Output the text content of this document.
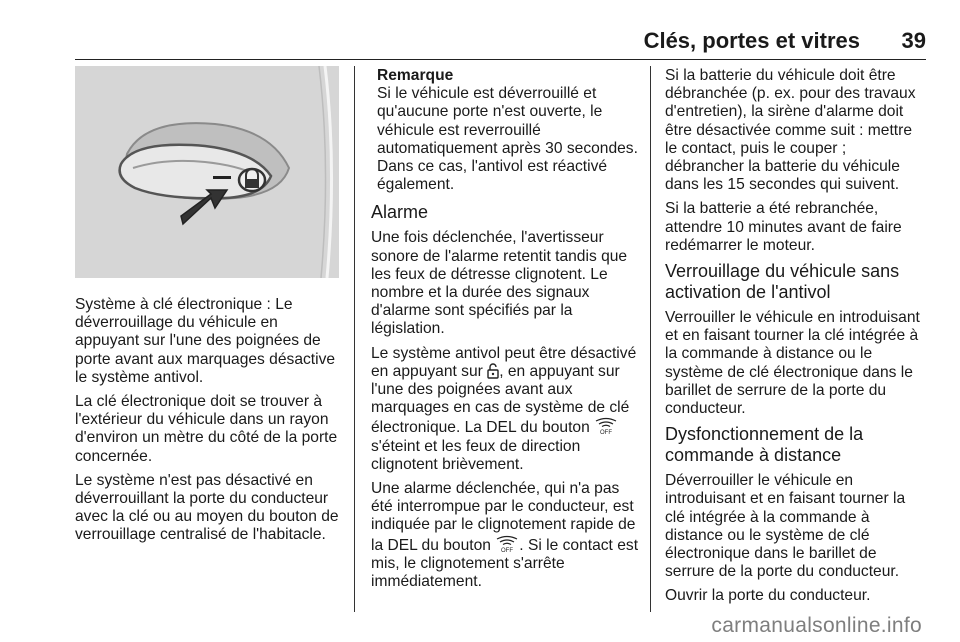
Clés, portes et vitres	39

Système à clé électronique : Le déverrouillage du véhicule en appuyant sur l'une des poignées de porte avant aux marquages désactive le système antivol.

La clé électronique doit se trouver à l'extérieur du véhicule dans un rayon d'environ un mètre du côté de la porte concernée.

Le système n'est pas désactivé en déverrouillant la porte du conducteur avec la clé ou au moyen du bouton de verrouillage centralisé de l'habitacle.

Remarque

Si le véhicule est déverrouillé et qu'aucune porte n'est ouverte, le véhicule est reverrouillé automatiquement après 30 secondes. Dans ce cas, l'antivol est réactivé également.

Alarme

Une fois déclenchée, l'avertisseur sonore de l'alarme retentit tandis que les feux de détresse clignotent. Le nombre et la durée des signaux d'alarme sont spécifiés par la législation.

Le système antivol peut être désactivé en appuyant sur , en appuyant sur l'une des poignées avant aux marquages en cas de système de clé électronique. La DEL du bouton OFF
s'éteint et les feux de direction clignotent brièvement.

Une alarme déclenchée, qui n'a pas été interrompue par le conducteur, est indiquée par le clignotement rapide de la DEL du bouton OFF . Si le contact est mis, le clignotement s'arrête immédiatement.

Si la batterie du véhicule doit être débranchée (p. ex. pour des travaux d'entretien), la sirène d'alarme doit être désactivée comme suit : mettre le contact, puis le couper ; débrancher la batterie du véhicule dans les 15 secondes qui suivent.

Si la batterie a été rebranchée, attendre 10 minutes avant de faire redémarrer le moteur.

Verrouillage du véhicule sans activation de l'antivol

Verrouiller le véhicule en introduisant et en faisant tourner la clé intégrée à la commande à distance ou le système de clé électronique dans le barillet de serrure de la porte du conducteur.

Dysfonctionnement de la commande à distance

Déverrouiller le véhicule en introduisant et en faisant tourner la clé intégrée à la commande à distance ou le système de clé électronique dans le barillet de serrure de la porte du conducteur.

Ouvrir la porte du conducteur.

carmanualsonline.info
